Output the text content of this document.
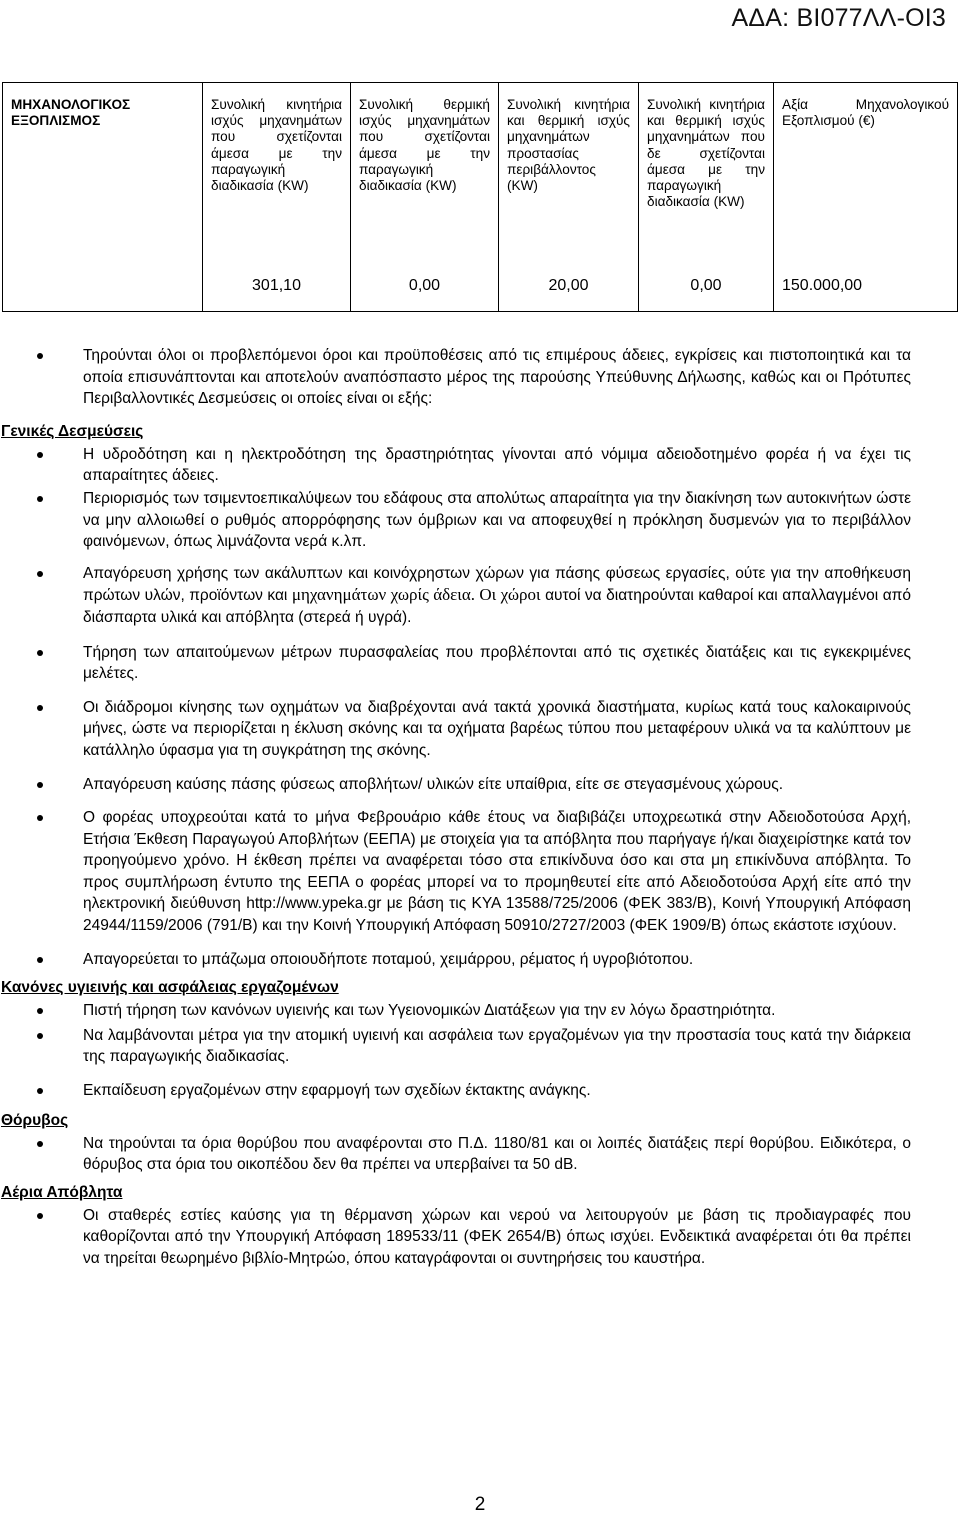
ΑΔΑ: ΒΙ077ΛΛ-ΟΙ3
ΜΗΧΑΝΟΛΟΓΙΚΟΣ ΕΞΟΠΛΙΣΜΟΣ	Συνολική κινητήρια ισχύς μηχανημάτων που σχετίζονται άμεσα με την παραγωγική διαδικασία (KW)	Συνολική θερμική ισχύς μηχανημάτων που σχετίζονται άμεσα με την παραγωγική διαδικασία (KW)	Συνολική κινητήρια και θερμική ισχύς μηχανημάτων προστασίας περιβάλλοντος (KW)	Συνολική κινητήρια και θερμική ισχύς μηχανημάτων που δε σχετίζονται άμεσα με την παραγωγική διαδικασία (KW)	Αξία Μηχανολογικού Εξοπλισμού (€)
	301,10	0,00	20,00	0,00	150.000,00
Τηρούνται όλοι οι προβλεπόμενοι όροι και προϋποθέσεις από τις επιμέρους άδειες, εγκρίσεις και πιστοποιητικά και τα οποία επισυνάπτονται και αποτελούν αναπόσπαστο μέρος της παρούσης Υπεύθυνης Δήλωσης, καθώς και οι Πρότυπες Περιβαλλοντικές Δεσμεύσεις οι οποίες είναι οι εξής:
Γενικές Δεσμεύσεις
Η υδροδότηση και η ηλεκτροδότηση της δραστηριότητας γίνονται από νόμιμα αδειοδοτημένο φορέα ή να έχει τις απαραίτητες άδειες.
Περιορισμός των τσιμεντοεπικαλύψεων του εδάφους στα απολύτως απαραίτητα για την διακίνηση των αυτοκινήτων ώστε να μην αλλοιωθεί ο ρυθμός απορρόφησης των όμβριων και να αποφευχθεί η πρόκληση δυσμενών για το περιβάλλον φαινόμενων, όπως λιμνάζοντα νερά κ.λπ.
Απαγόρευση χρήσης των ακάλυπτων και κοινόχρηστων χώρων για πάσης φύσεως εργασίες, ούτε για την αποθήκευση πρώτων υλών, προϊόντων και μηχανημάτων χωρίς άδεια. Οι χώροι αυτοί να διατηρούνται καθαροί και απαλλαγμένοι από διάσπαρτα υλικά και απόβλητα (στερεά ή υγρά).
Τήρηση των απαιτούμενων μέτρων πυρασφαλείας που προβλέπονται από τις σχετικές διατάξεις και τις εγκεκριμένες μελέτες.
Οι διάδρομοι κίνησης των οχημάτων να διαβρέχονται ανά τακτά χρονικά διαστήματα, κυρίως κατά τους καλοκαιρινούς μήνες, ώστε να περιορίζεται η έκλυση σκόνης και τα οχήματα βαρέως τύπου που μεταφέρουν υλικά να τα καλύπτουν με κατάλληλο ύφασμα για τη συγκράτηση της σκόνης.
Απαγόρευση καύσης πάσης φύσεως αποβλήτων/ υλικών είτε υπαίθρια, είτε σε στεγασμένους χώρους.
Ο φορέας υποχρεούται κατά το μήνα Φεβρουάριο κάθε έτους να διαβιβάζει υποχρεωτικά στην Αδειοδοτούσα Αρχή, Ετήσια Έκθεση Παραγωγού Αποβλήτων (ΕΕΠΑ) με στοιχεία για τα απόβλητα που παρήγαγε ή/και διαχειρίστηκε κατά τον προηγούμενο χρόνο. Η έκθεση πρέπει να αναφέρεται τόσο στα επικίνδυνα όσο και στα μη επικίνδυνα απόβλητα. Το προς συμπλήρωση έντυπο της ΕΕΠΑ ο φορέας μπορεί να το προμηθευτεί είτε από Αδειοδοτούσα Αρχή είτε από την ηλεκτρονική διεύθυνση http://www.ypeka.gr με βάση τις ΚΥΑ 13588/725/2006 (ΦΕΚ 383/Β), Κοινή Υπουργική Απόφαση 24944/1159/2006 (791/Β) και την Κοινή Υπουργική Απόφαση 50910/2727/2003 (ΦΕΚ 1909/Β) όπως εκάστοτε ισχύουν.
Απαγορεύεται το μπάζωμα οποιουδήποτε ποταμού, χειμάρρου, ρέματος ή υγροβιότοπου.
Κανόνες υγιεινής και ασφάλειας εργαζομένων
Πιστή τήρηση των κανόνων υγιεινής και των Υγειονομικών Διατάξεων για την εν λόγω δραστηριότητα.
Να λαμβάνονται μέτρα για την ατομική υγιεινή και ασφάλεια των εργαζομένων για την προστασία τους κατά την διάρκεια της παραγωγικής διαδικασίας.
Εκπαίδευση εργαζομένων στην εφαρμογή των σχεδίων έκτακτης ανάγκης.
Θόρυβος
Να τηρούνται τα όρια θορύβου που αναφέρονται στο Π.Δ. 1180/81 και οι λοιπές διατάξεις περί θορύβου. Ειδικότερα, ο θόρυβος στα όρια του οικοπέδου δεν θα πρέπει να υπερβαίνει τα 50 dB.
Αέρια Απόβλητα
Οι σταθερές εστίες καύσης για τη θέρμανση χώρων και νερού να λειτουργούν με βάση τις προδιαγραφές που καθορίζονται από την Υπουργική Απόφαση 189533/11 (ΦΕΚ 2654/Β) όπως ισχύει. Ενδεικτικά αναφέρεται ότι θα πρέπει να τηρείται θεωρημένο βιβλίο-Μητρώο, όπου καταγράφονται οι συντηρήσεις του καυστήρα.
2
